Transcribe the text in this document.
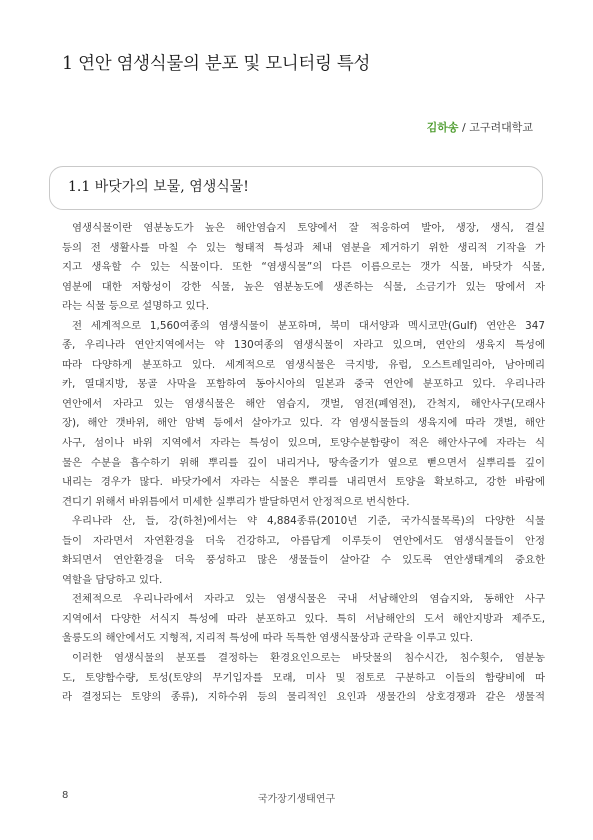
1 연안 염생식물의 분포 및 모니터링 특성
김하송 / 고구려대학교
1.1 바닷가의 보물, 염생식물!
염생식물이란 염분농도가 높은 해안염습지 토양에서 잘 적응하여 발아, 생장, 생식, 결실
등의 전 생활사를 마칠 수 있는 형태적 특성과 체내 염분을 제거하기 위한 생리적 기작을 가
지고 생육할 수 있는 식물이다. 또한 “염생식물”의 다른 이름으로는 갯가 식물, 바닷가 식물,
염분에 대한 저항성이 강한 식물, 높은 염분농도에 생존하는 식물, 소금기가 있는 땅에서 자
라는 식물 등으로 설명하고 있다.
전 세계적으로 1,560여종의 염생식물이 분포하며, 북미 대서양과 멕시코만(Gulf) 연안은 347
종, 우리나라 연안지역에서는 약 130여종의 염생식물이 자라고 있으며, 연안의 생육지 특성에
따라 다양하게 분포하고 있다. 세계적으로 염생식물은 극지방, 유럽, 오스트레일리아, 남아메리
카, 열대지방, 몽골 사막을 포함하여 동아시아의 일본과 중국 연안에 분포하고 있다. 우리나라
연안에서 자라고 있는 염생식물은 해안 염습지, 갯벌, 염전(폐염전), 간척지, 해안사구(모래사
장), 해안 갯바위, 해안 암벽 등에서 살아가고 있다. 각 염생식물들의 생육지에 따라 갯벌, 해안
사구, 섬이나 바위 지역에서 자라는 특성이 있으며, 토양수분함량이 적은 해안사구에 자라는 식
물은 수분을 흡수하기 위해 뿌리를 깊이 내리거나, 땅속줄기가 옆으로 뻗으면서 실뿌리를 깊이
내리는 경우가 많다. 바닷가에서 자라는 식물은 뿌리를 내리면서 토양을 확보하고, 강한 바람에
견디기 위해서 바위틈에서 미세한 실뿌리가 발달하면서 안정적으로 번식한다.
우리나라 산, 들, 강(하천)에서는 약 4,884종류(2010년 기준, 국가식물목록)의 다양한 식물
들이 자라면서 자연환경을 더욱 건강하고, 아름답게 이루듯이 연안에서도 염생식물들이 안정
화되면서 연안환경을 더욱 풍성하고 많은 생물들이 살아갈 수 있도록 연안생태계의 중요한
역할을 담당하고 있다.
전체적으로 우리나라에서 자라고 있는 염생식물은 국내 서남해안의 염습지와, 동해안 사구
지역에서 다양한 서식지 특성에 따라 분포하고 있다. 특히 서남해안의 도서 해안지방과 제주도,
울릉도의 해안에서도 지형적, 지리적 특성에 따라 독특한 염생식물상과 군락을 이루고 있다.
이러한 염생식물의 분포를 결정하는 환경요인으로는 바닷물의 침수시간, 침수횟수, 염분농
도, 토양함수량, 토성(토양의 무기입자를 모래, 미사 및 점토로 구분하고 이들의 함량비에 따
라 결정되는 토양의 종류), 지하수위 등의 물리적인 요인과 생물간의 상호경쟁과 같은 생물적
8	국가장기생태연구
